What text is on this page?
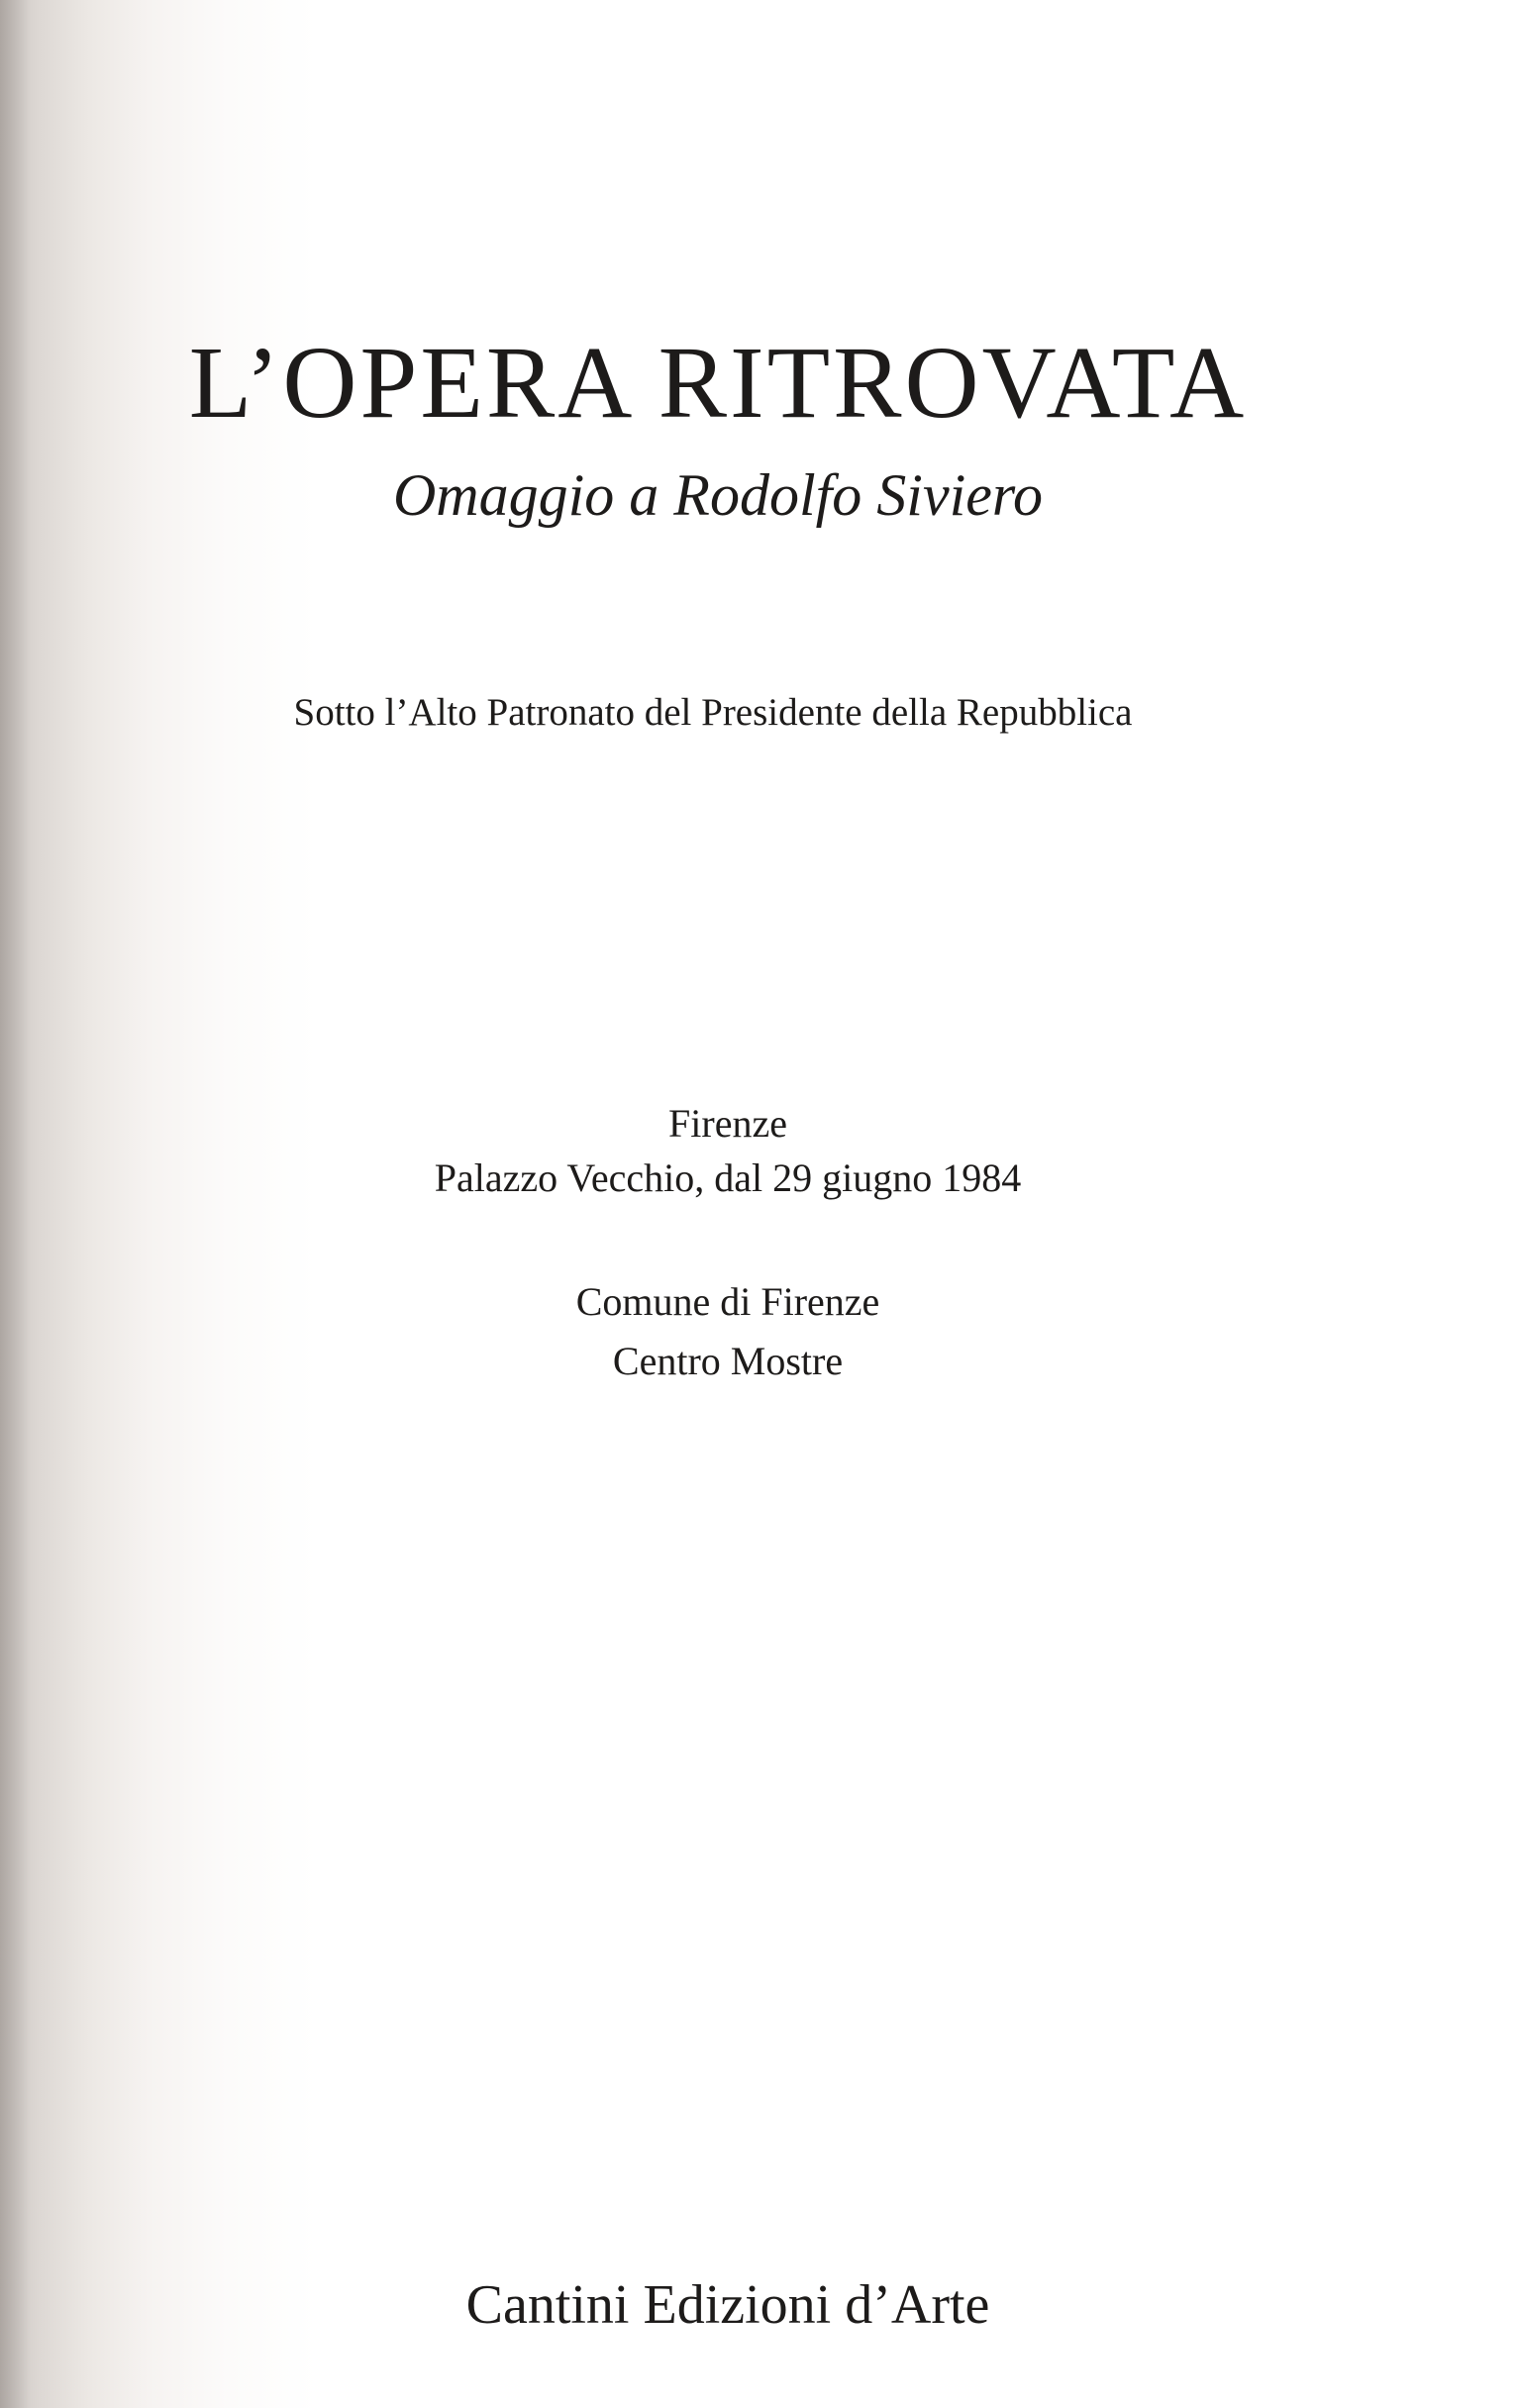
L’OPERA RITROVATA

Omaggio a Rodolfo Siviero

Sotto l’Alto Patronato del Presidente della Repubblica

Firenze

Palazzo Vecchio, dal 29 giugno 1984

Comune di Firenze

Centro Mostre

Cantini Edizioni d’Arte
